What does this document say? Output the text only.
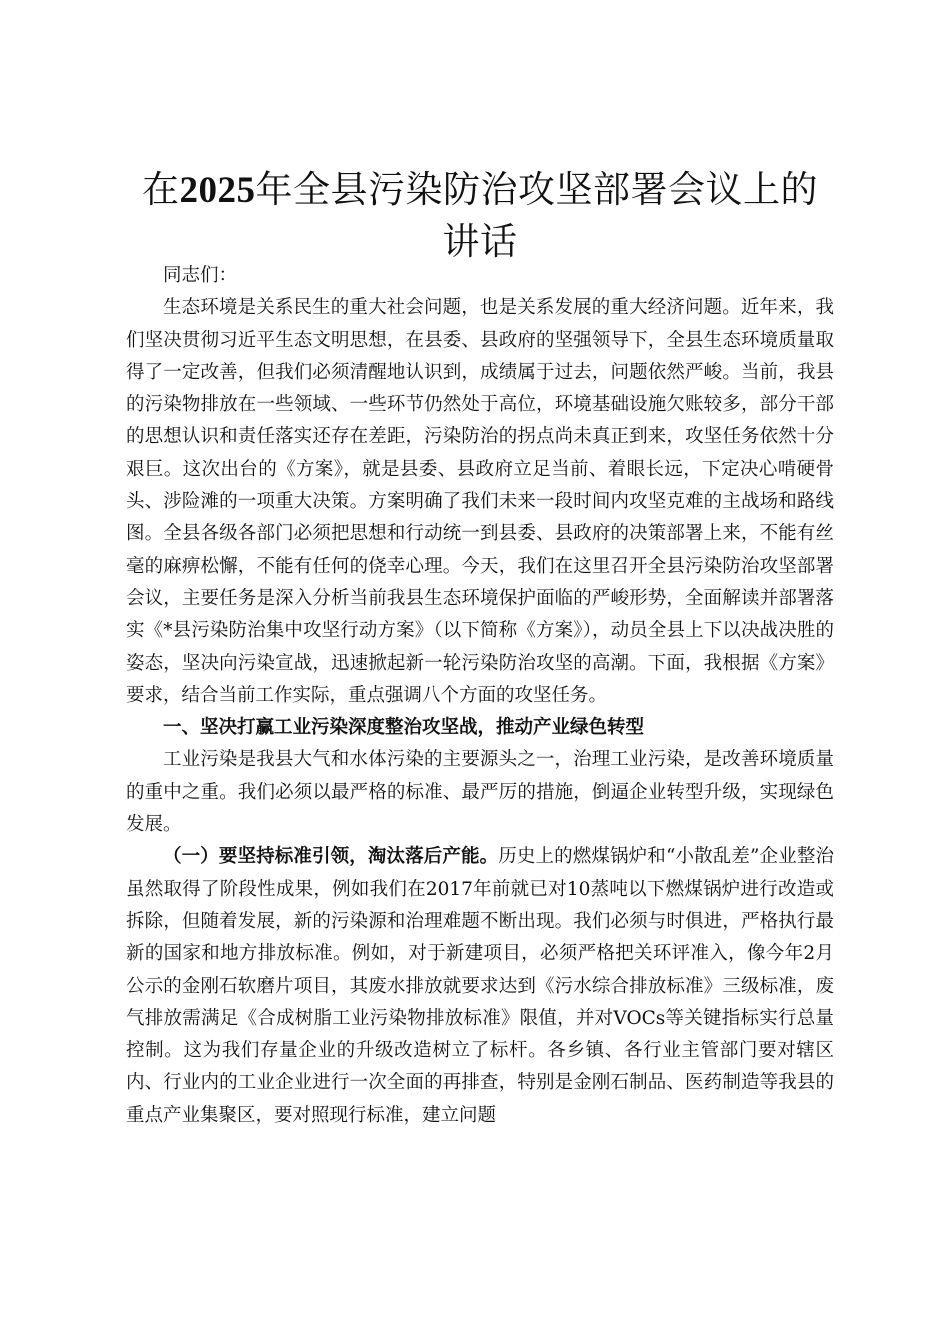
在2025年全县污染防治攻坚部署会议上的讲话

同志们：

生态环境是关系民生的重大社会问题，也是关系发展的重大经济问题。近年来，我们坚决贯彻习近平生态文明思想，在县委、县政府的坚强领导下，全县生态环境质量取得了一定改善，但我们必须清醒地认识到，成绩属于过去，问题依然严峻。当前，我县的污染物排放在一些领域、一些环节仍然处于高位，环境基础设施欠账较多，部分干部的思想认识和责任落实还存在差距，污染防治的拐点尚未真正到来，攻坚任务依然十分艰巨。这次出台的《方案》，就是县委、县政府立足当前、着眼长远，下定决心啃硬骨头、涉险滩的一项重大决策。方案明确了我们未来一段时间内攻坚克难的主战场和路线图。全县各级各部门必须把思想和行动统一到县委、县政府的决策部署上来，不能有丝毫的麻痹松懈，不能有任何的侥幸心理。今天，我们在这里召开全县污染防治攻坚部署会议，主要任务是深入分析当前我县生态环境保护面临的严峻形势，全面解读并部署落实《*县污染防治集中攻坚行动方案》（以下简称《方案》），动员全县上下以决战决胜的姿态，坚决向污染宣战，迅速掀起新一轮污染防治攻坚的高潮。下面，我根据《方案》要求，结合当前工作实际，重点强调八个方面的攻坚任务。

一、坚决打赢工业污染深度整治攻坚战，推动产业绿色转型

工业污染是我县大气和水体污染的主要源头之一，治理工业污染，是改善环境质量的重中之重。我们必须以最严格的标准、最严厉的措施，倒逼企业转型升级，实现绿色发展。

（一）要坚持标准引领，淘汰落后产能。历史上的燃煤锅炉和“小散乱差”企业整治虽然取得了阶段性成果，例如我们在2017年前就已对10蒸吨以下燃煤锅炉进行改造或拆除，但随着发展，新的污染源和治理难题不断出现。我们必须与时俱进，严格执行最新的国家和地方排放标准。例如，对于新建项目，必须严格把关环评准入，像今年2月公示的金刚石软磨片项目，其废水排放就要求达到《污水综合排放标准》三级标准，废气排放需满足《合成树脂工业污染物排放标准》限值，并对VOCs等关键指标实行总量控制。这为我们存量企业的升级改造树立了标杆。各乡镇、各行业主管部门要对辖区内、行业内的工业企业进行一次全面的再排查，特别是金刚石制品、医药制造等我县的重点产业集聚区，要对照现行标准，建立问题
